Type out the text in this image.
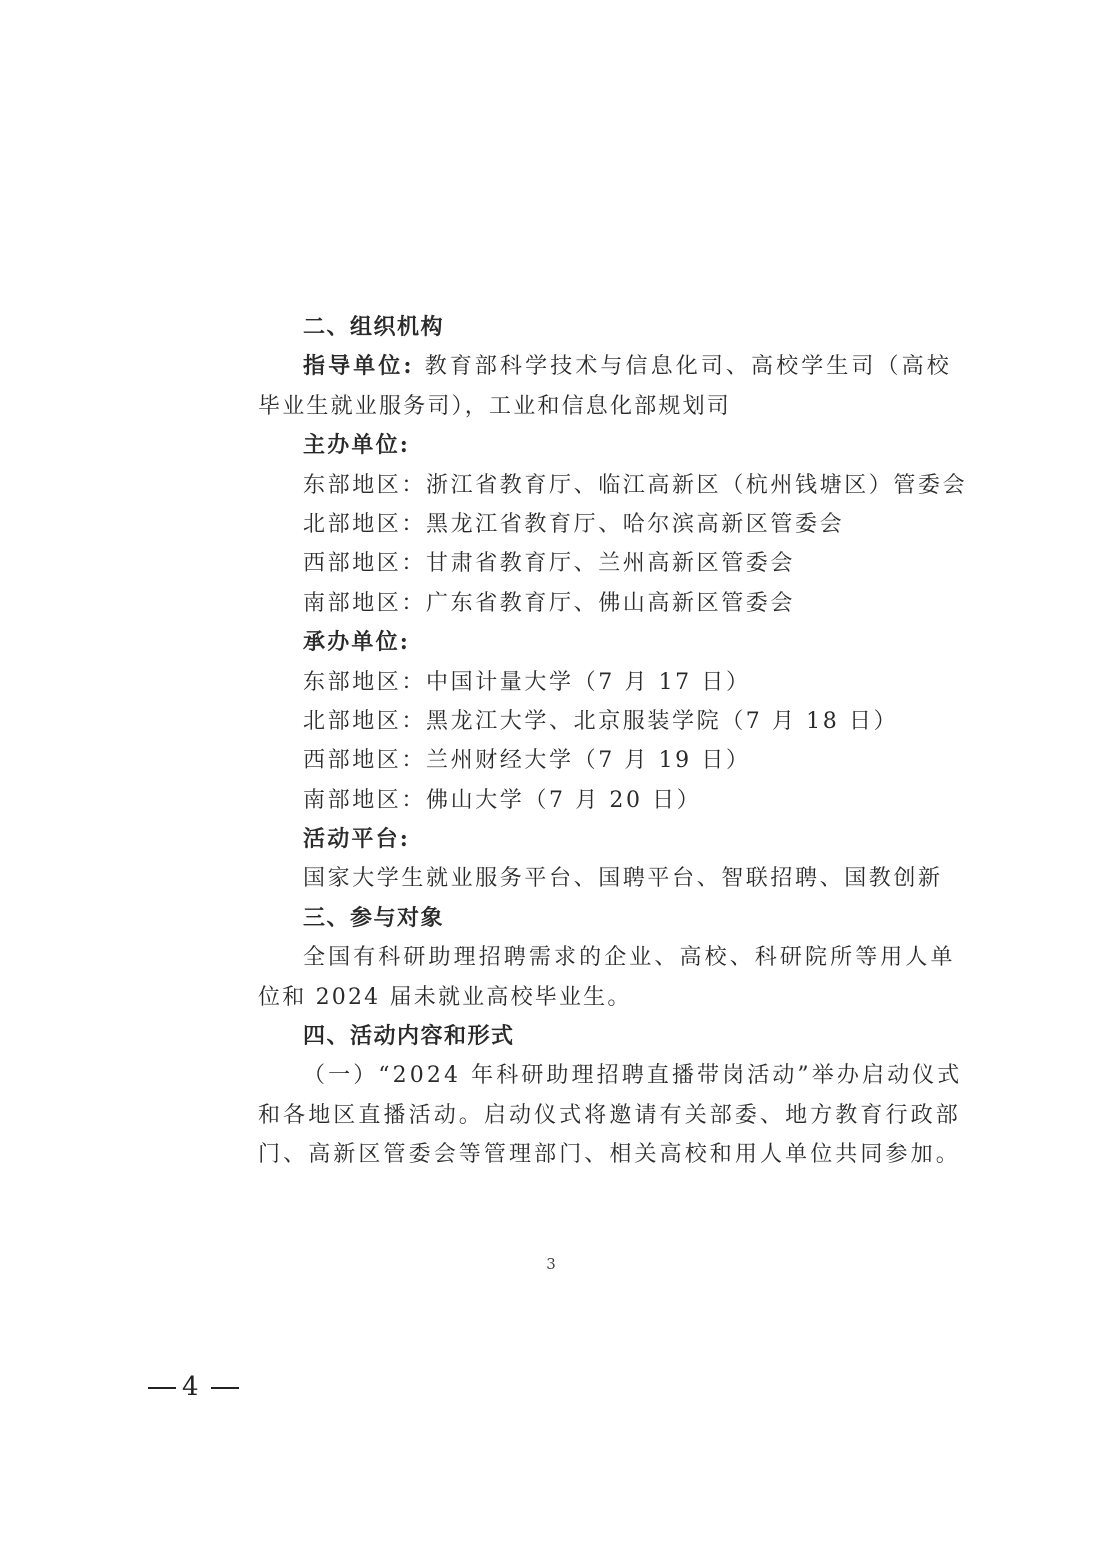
二、组织机构
指导单位: 教育部科学技术与信息化司、高校学生司（高校
毕业生就业服务司），工业和信息化部规划司
主办单位:
东部地区：浙江省教育厅、临江高新区（杭州钱塘区）管委会
北部地区：黑龙江省教育厅、哈尔滨高新区管委会
西部地区：甘肃省教育厅、兰州高新区管委会
南部地区：广东省教育厅、佛山高新区管委会
承办单位:
东部地区：中国计量大学（7 月 17 日）
北部地区：黑龙江大学、北京服装学院（7 月 18 日）
西部地区：兰州财经大学（7 月 19 日）
南部地区：佛山大学（7 月 20 日）
活动平台:
国家大学生就业服务平台、国聘平台、智联招聘、国教创新
三、参与对象
全国有科研助理招聘需求的企业、高校、科研院所等用人单
位和 2024 届未就业高校毕业生。
四、活动内容和形式
（一）“2024 年科研助理招聘直播带岗活动”举办启动仪式
和各地区直播活动。启动仪式将邀请有关部委、地方教育行政部
门、高新区管委会等管理部门、相关高校和用人单位共同参加。
3
4
